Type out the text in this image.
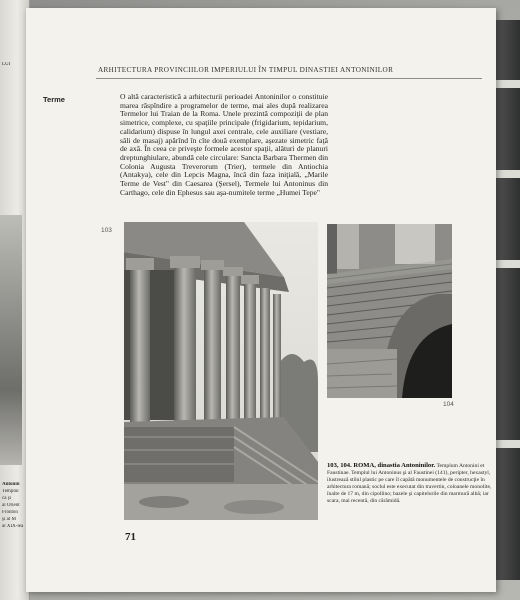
LUI
Antonin
Templul
ca şi
al Orient
Fronton
şi al M
al XIX-lea
ARHITECTURA PROVINCIILOR IMPERIULUI ÎN TIMPUL DINASTIEI ANTONINILOR
Terme	O altă caracteristică a arhitecturii perioadei Antoninilor o constituie marea răspîndire a programelor de terme, mai ales după realizarea Termelor lui Traian de la Roma. Unele prezintă compoziţii de plan simetrice, complexe, cu spaţiile principale (frigidarium, tepidarium, calidarium) dispuse în lungul axei centrale, cele auxiliare (vestiare, săli de masaj) apărînd în cîte două exemplare, aşezate simetric faţă de axă. În ceea ce priveşte formele acestor spaţii, alături de planuri dreptunghiulare, abundă cele circulare: Sancta Barbara Thermen din Colonia Augusta Treverorum (Trier), termele din Antiochia (Antakya), cele din Lepcis Magna, încă din faza iniţială, „Marile Terme de Vest" din Caesarea (Şersel), Termele lui Antoninus din Carthago, cele din Ephesus sau aşa-numitele terme „Humei Tepe"

103
104
103, 104. ROMA, dinastia Antoninilor. Templum Antonini et Faustinae. Templul lui Antoninus şi al Faustinei (141), peripter, hexastyl, ilustrează stilul plastic pe care îl capătă monumentele de construcţie în arhitectura romană; soclul este executat din travertin, coloanele monolite, înalte de 17 m, din cipollino; bazele şi capitelurile din marmură albă; iar scara, mai recentă, din cărămidă.
71
